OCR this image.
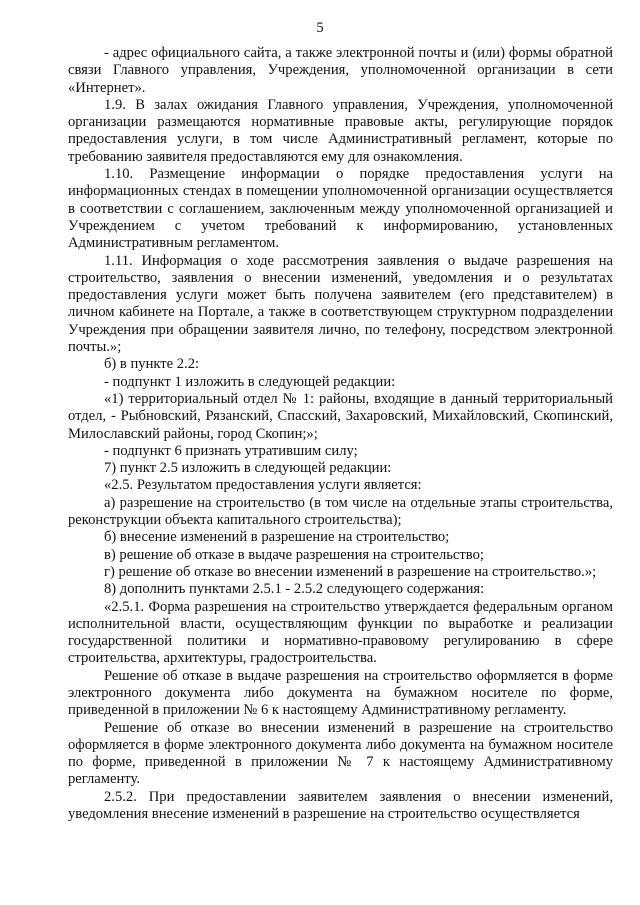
5

- адрес официального сайта, а также электронной почты и (или) формы обратной связи Главного управления, Учреждения, уполномоченной организации в сети «Интернет».

1.9. В залах ожидания Главного управления, Учреждения, уполномоченной организации размещаются нормативные правовые акты, регулирующие порядок предоставления услуги, в том числе Административный регламент, которые по требованию заявителя предоставляются ему для ознакомления.

1.10. Размещение информации о порядке предоставления услуги на информационных стендах в помещении уполномоченной организации осуществляется в соответствии с соглашением, заключенным между уполномоченной организацией и Учреждением с учетом требований к информированию, установленных Административным регламентом.

1.11. Информация о ходе рассмотрения заявления о выдаче разрешения на строительство, заявления о внесении изменений, уведомления и о результатах предоставления услуги может быть получена заявителем (его представителем) в личном кабинете на Портале, а также в соответствующем структурном подразделении Учреждения при обращении заявителя лично, по телефону, посредством электронной почты.»;

б) в пункте 2.2:

- подпункт 1 изложить в следующей редакции:

«1) территориальный отдел № 1: районы, входящие в данный территориальный отдел, - Рыбновский, Рязанский, Спасский, Захаровский, Михайловский, Скопинский, Милославский районы, город Скопин;»;

- подпункт 6 признать утратившим силу;

7) пункт 2.5 изложить в следующей редакции:

«2.5. Результатом предоставления услуги является:

а) разрешение на строительство (в том числе на отдельные этапы строительства, реконструкции объекта капитального строительства);

б) внесение изменений в разрешение на строительство;

в) решение об отказе в выдаче разрешения на строительство;

г) решение об отказе во внесении изменений в разрешение на строительство.»;

8) дополнить пунктами 2.5.1 - 2.5.2 следующего содержания:

«2.5.1. Форма разрешения на строительство утверждается федеральным органом исполнительной власти, осуществляющим функции по выработке и реализации государственной политики и нормативно-правовому регулированию в сфере строительства, архитектуры, градостроительства.

Решение об отказе в выдаче разрешения на строительство оформляется в форме электронного документа либо документа на бумажном носителе по форме, приведенной в приложении № 6 к настоящему Административному регламенту.

Решение об отказе во внесении изменений в разрешение на строительство оформляется в форме электронного документа либо документа на бумажном носителе по форме, приведенной в приложении № 7 к настоящему Административному регламенту.

2.5.2. При предоставлении заявителем заявления о внесении изменений, уведомления внесение изменений в разрешение на строительство осуществляется
